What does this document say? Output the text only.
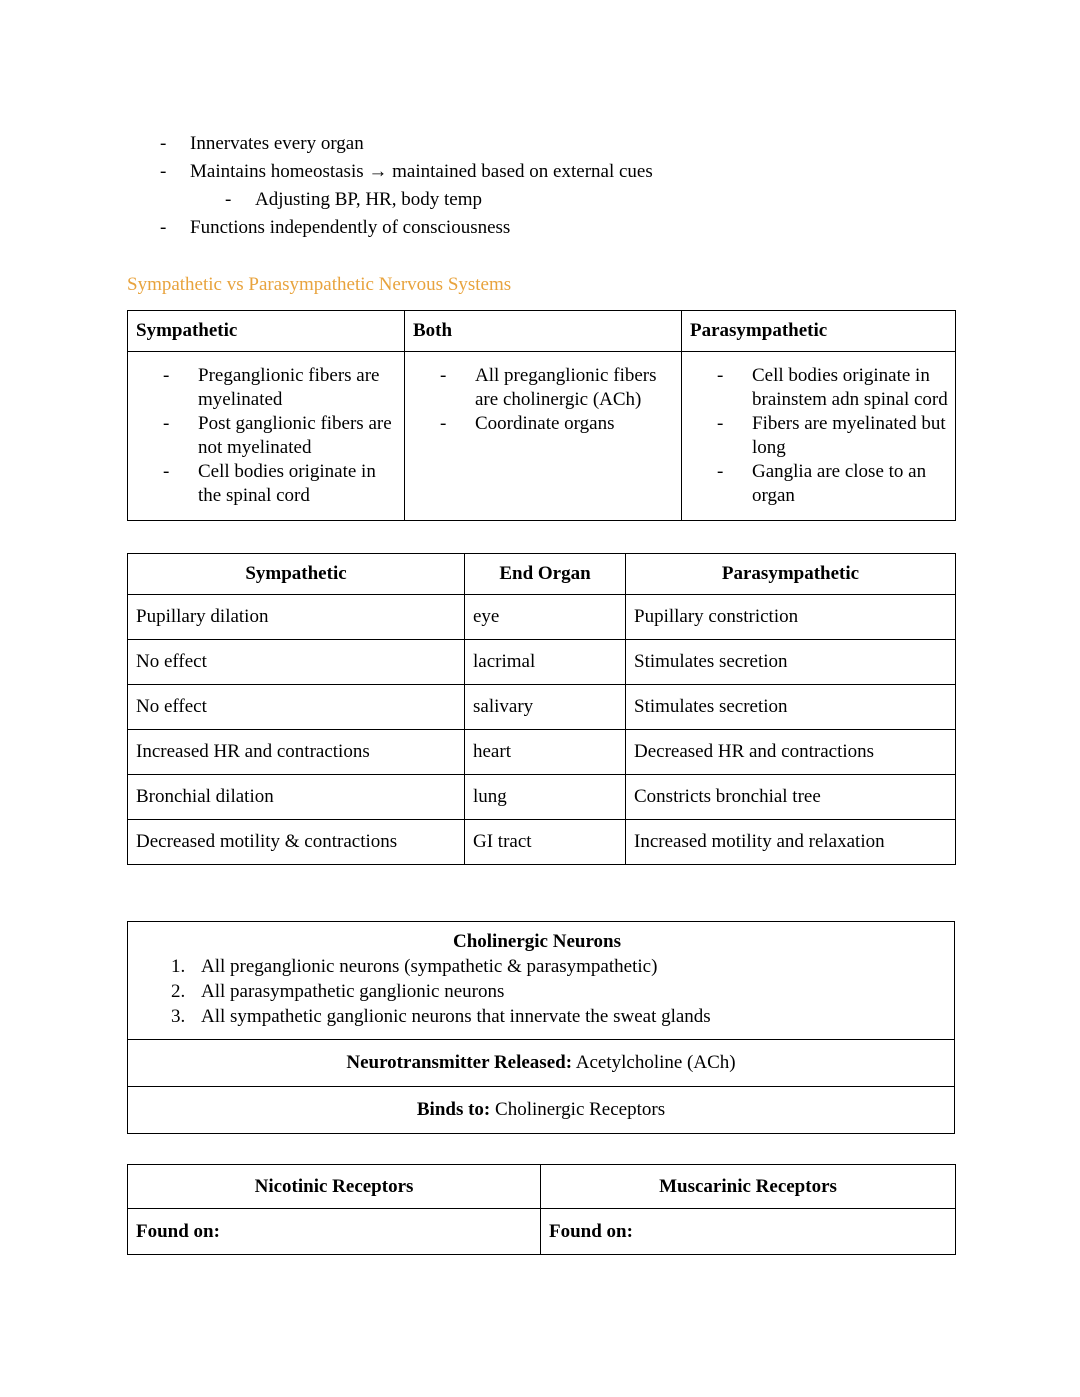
-	Innervates every organ
-	Maintains homeostasis → maintained based on external cues
-	Adjusting BP, HR, body temp
-	Functions independently of consciousness
Sympathetic vs Parasympathetic Nervous Systems
Sympathetic	Both	Parasympathetic

-	Preganglionic fibers are myelinated
-	Post ganglionic fibers are not myelinated
-	Cell bodies originate in the spinal cord

-	All preganglionic fibers are cholinergic (ACh)
-	Coordinate organs

-	Cell bodies originate in brainstem adn spinal cord
-	Fibers are myelinated but long
-	Ganglia are close to an organ
Sympathetic	End Organ	Parasympathetic
Pupillary dilation	eye	Pupillary constriction
No effect	lacrimal	Stimulates secretion
No effect	salivary	Stimulates secretion
Increased HR and contractions	heart	Decreased HR and contractions
Bronchial dilation	lung	Constricts bronchial tree
Decreased motility & contractions	GI tract	Increased motility and relaxation
Cholinergic Neurons
1. All preganglionic neurons (sympathetic & parasympathetic)
2. All parasympathetic ganglionic neurons
3. All sympathetic ganglionic neurons that innervate the sweat glands

Neurotransmitter Released: Acetylcholine (ACh)
Binds to: Cholinergic Receptors
Nicotinic Receptors	Muscarinic Receptors
Found on:	Found on:
